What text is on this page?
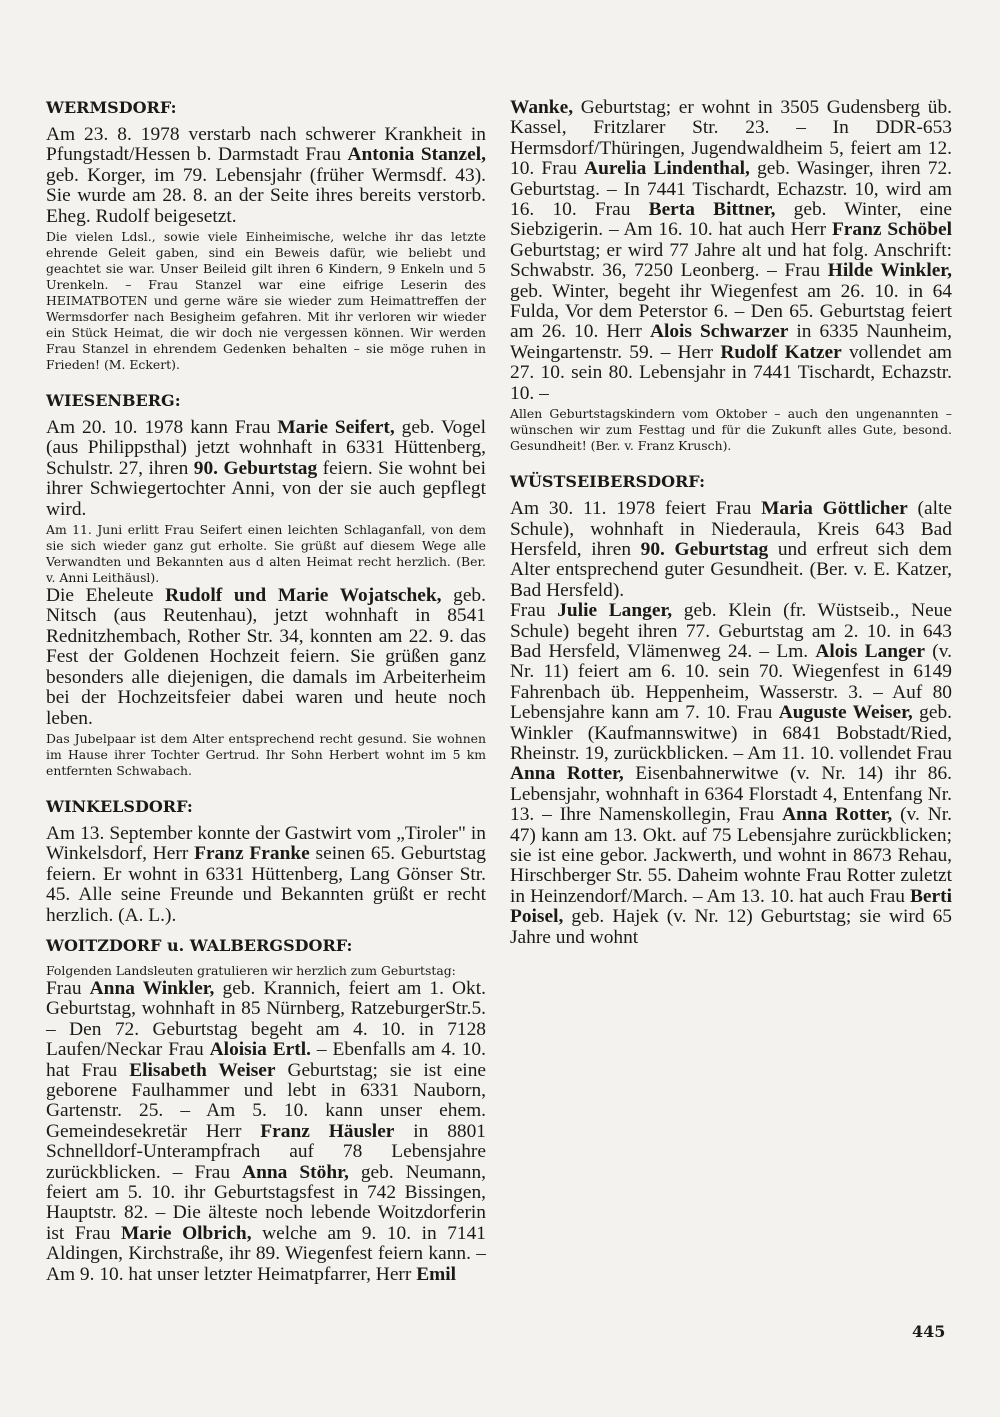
WERMSDORF:

Am 23. 8. 1978 verstarb nach schwerer Krankheit in Pfungstadt/Hessen b. Darmstadt Frau Antonia Stanzel, geb. Korger, im 79. Lebensjahr (früher Wermsdf. 43). Sie wurde am 28. 8. an der Seite ihres bereits verstorb. Eheg. Rudolf beigesetzt.

Die vielen Ldsl., sowie viele Einheimische, welche ihr das letzte ehrende Geleit gaben, sind ein Beweis dafür, wie beliebt und geachtet sie war. Unser Beileid gilt ihren 6 Kindern, 9 Enkeln und 5 Urenkeln. – Frau Stanzel war eine eifrige Leserin des HEIMATBOTEN und gerne wäre sie wieder zum Heimattreffen der Wermsdorfer nach Besigheim gefahren. Mit ihr verloren wir wieder ein Stück Heimat, die wir doch nie vergessen können. Wir werden Frau Stanzel in ehrendem Gedenken behalten – sie möge ruhen in Frieden! (M. Eckert).

WIESENBERG:

Am 20. 10. 1978 kann Frau Marie Seifert, geb. Vogel (aus Philippsthal) jetzt wohnhaft in 6331 Hüttenberg, Schulstr. 27, ihren 90. Geburtstag feiern. Sie wohnt bei ihrer Schwiegertochter Anni, von der sie auch gepflegt wird.

Am 11. Juni erlitt Frau Seifert einen leichten Schlaganfall, von dem sie sich wieder ganz gut erholte. Sie grüßt auf diesem Wege alle Verwandten und Bekannten aus d alten Heimat recht herzlich. (Ber. v. Anni Leithäusl).

Die Eheleute Rudolf und Marie Wojatschek, geb. Nitsch (aus Reutenhau), jetzt wohnhaft in 8541 Rednitzhembach, Rother Str. 34, konnten am 22. 9. das Fest der Goldenen Hochzeit feiern. Sie grüßen ganz besonders alle diejenigen, die damals im Arbeiterheim bei der Hochzeitsfeier dabei waren und heute noch leben.

Das Jubelpaar ist dem Alter entsprechend recht gesund. Sie wohnen im Hause ihrer Tochter Gertrud. Ihr Sohn Herbert wohnt im 5 km entfernten Schwabach.

WINKELSDORF:

Am 13. September konnte der Gastwirt vom „Tiroler" in Winkelsdorf, Herr Franz Franke seinen 65. Geburtstag feiern. Er wohnt in 6331 Hüttenberg, Lang Gönser Str. 45. Alle seine Freunde und Bekannten grüßt er recht herzlich. (A. L.).

WOITZDORF u. WALBERGSDORF:

Folgenden Landsleuten gratulieren wir herzlich zum Geburtstag:

Frau Anna Winkler, geb. Krannich, feiert am 1. Okt. Geburtstag, wohnhaft in 85 Nürnberg, RatzeburgerStr.5. – Den 72. Geburtstag begeht am 4. 10. in 7128 Laufen/Neckar Frau Aloisia Ertl. – Ebenfalls am 4. 10. hat Frau Elisabeth Weiser Geburtstag; sie ist eine geborene Faulhammer und lebt in 6331 Nauborn, Gartenstr. 25. – Am 5. 10. kann unser ehem. Gemeindesekretär Herr Franz Häusler in 8801 Schnelldorf-Unterampfrach auf 78 Lebensjahre zurückblicken. – Frau Anna Stöhr, geb. Neumann, feiert am 5. 10. ihr Geburtstagsfest in 742 Bissingen, Hauptstr. 82. – Die älteste noch lebende Woitzdorferin ist Frau Marie Olbrich, welche am 9. 10. in 7141 Aldingen, Kirchstraße, ihr 89. Wiegenfest feiern kann. – Am 9. 10. hat unser letzter Heimatpfarrer, Herr Emil

Wanke, Geburtstag; er wohnt in 3505 Gudensberg üb. Kassel, Fritzlarer Str. 23. – In DDR-653 Hermsdorf/Thüringen, Jugendwaldheim 5, feiert am 12. 10. Frau Aurelia Lindenthal, geb. Wasinger, ihren 72. Geburtstag. – In 7441 Tischardt, Echazstr. 10, wird am 16. 10. Frau Berta Bittner, geb. Winter, eine Siebzigerin. – Am 16. 10. hat auch Herr Franz Schöbel Geburtstag; er wird 77 Jahre alt und hat folg. Anschrift: Schwabstr. 36, 7250 Leonberg. – Frau Hilde Winkler, geb. Winter, begeht ihr Wiegenfest am 26. 10. in 64 Fulda, Vor dem Peterstor 6. – Den 65. Geburtstag feiert am 26. 10. Herr Alois Schwarzer in 6335 Naunheim, Weingartenstr. 59. – Herr Rudolf Katzer vollendet am 27. 10. sein 80. Lebensjahr in 7441 Tischardt, Echazstr. 10. –

Allen Geburtstagskindern vom Oktober – auch den ungenannten – wünschen wir zum Festtag und für die Zukunft alles Gute, besond. Gesundheit! (Ber. v. Franz Krusch).

WÜSTSEIBERSDORF:

Am 30. 11. 1978 feiert Frau Maria Göttlicher (alte Schule), wohnhaft in Niederaula, Kreis 643 Bad Hersfeld, ihren 90. Geburtstag und erfreut sich dem Alter entsprechend guter Gesundheit. (Ber. v. E. Katzer, Bad Hersfeld).

Frau Julie Langer, geb. Klein (fr. Wüstseib., Neue Schule) begeht ihren 77. Geburtstag am 2. 10. in 643 Bad Hersfeld, Vlämenweg 24. – Lm. Alois Langer (v. Nr. 11) feiert am 6. 10. sein 70. Wiegenfest in 6149 Fahrenbach üb. Heppenheim, Wasserstr. 3. – Auf 80 Lebensjahre kann am 7. 10. Frau Auguste Weiser, geb. Winkler (Kaufmannswitwe) in 6841 Bobstadt/Ried, Rheinstr. 19, zurückblicken. – Am 11. 10. vollendet Frau Anna Rotter, Eisenbahnerwitwe (v. Nr. 14) ihr 86. Lebensjahr, wohnhaft in 6364 Florstadt 4, Entenfang Nr. 13. – Ihre Namenskollegin, Frau Anna Rotter, (v. Nr. 47) kann am 13. Okt. auf 75 Lebensjahre zurückblicken; sie ist eine gebor. Jackwerth, und wohnt in 8673 Rehau, Hirschberger Str. 55. Daheim wohnte Frau Rotter zuletzt in Heinzendorf/March. – Am 13. 10. hat auch Frau Berti Poisel, geb. Hajek (v. Nr. 12) Geburtstag; sie wird 65 Jahre und wohnt

445
